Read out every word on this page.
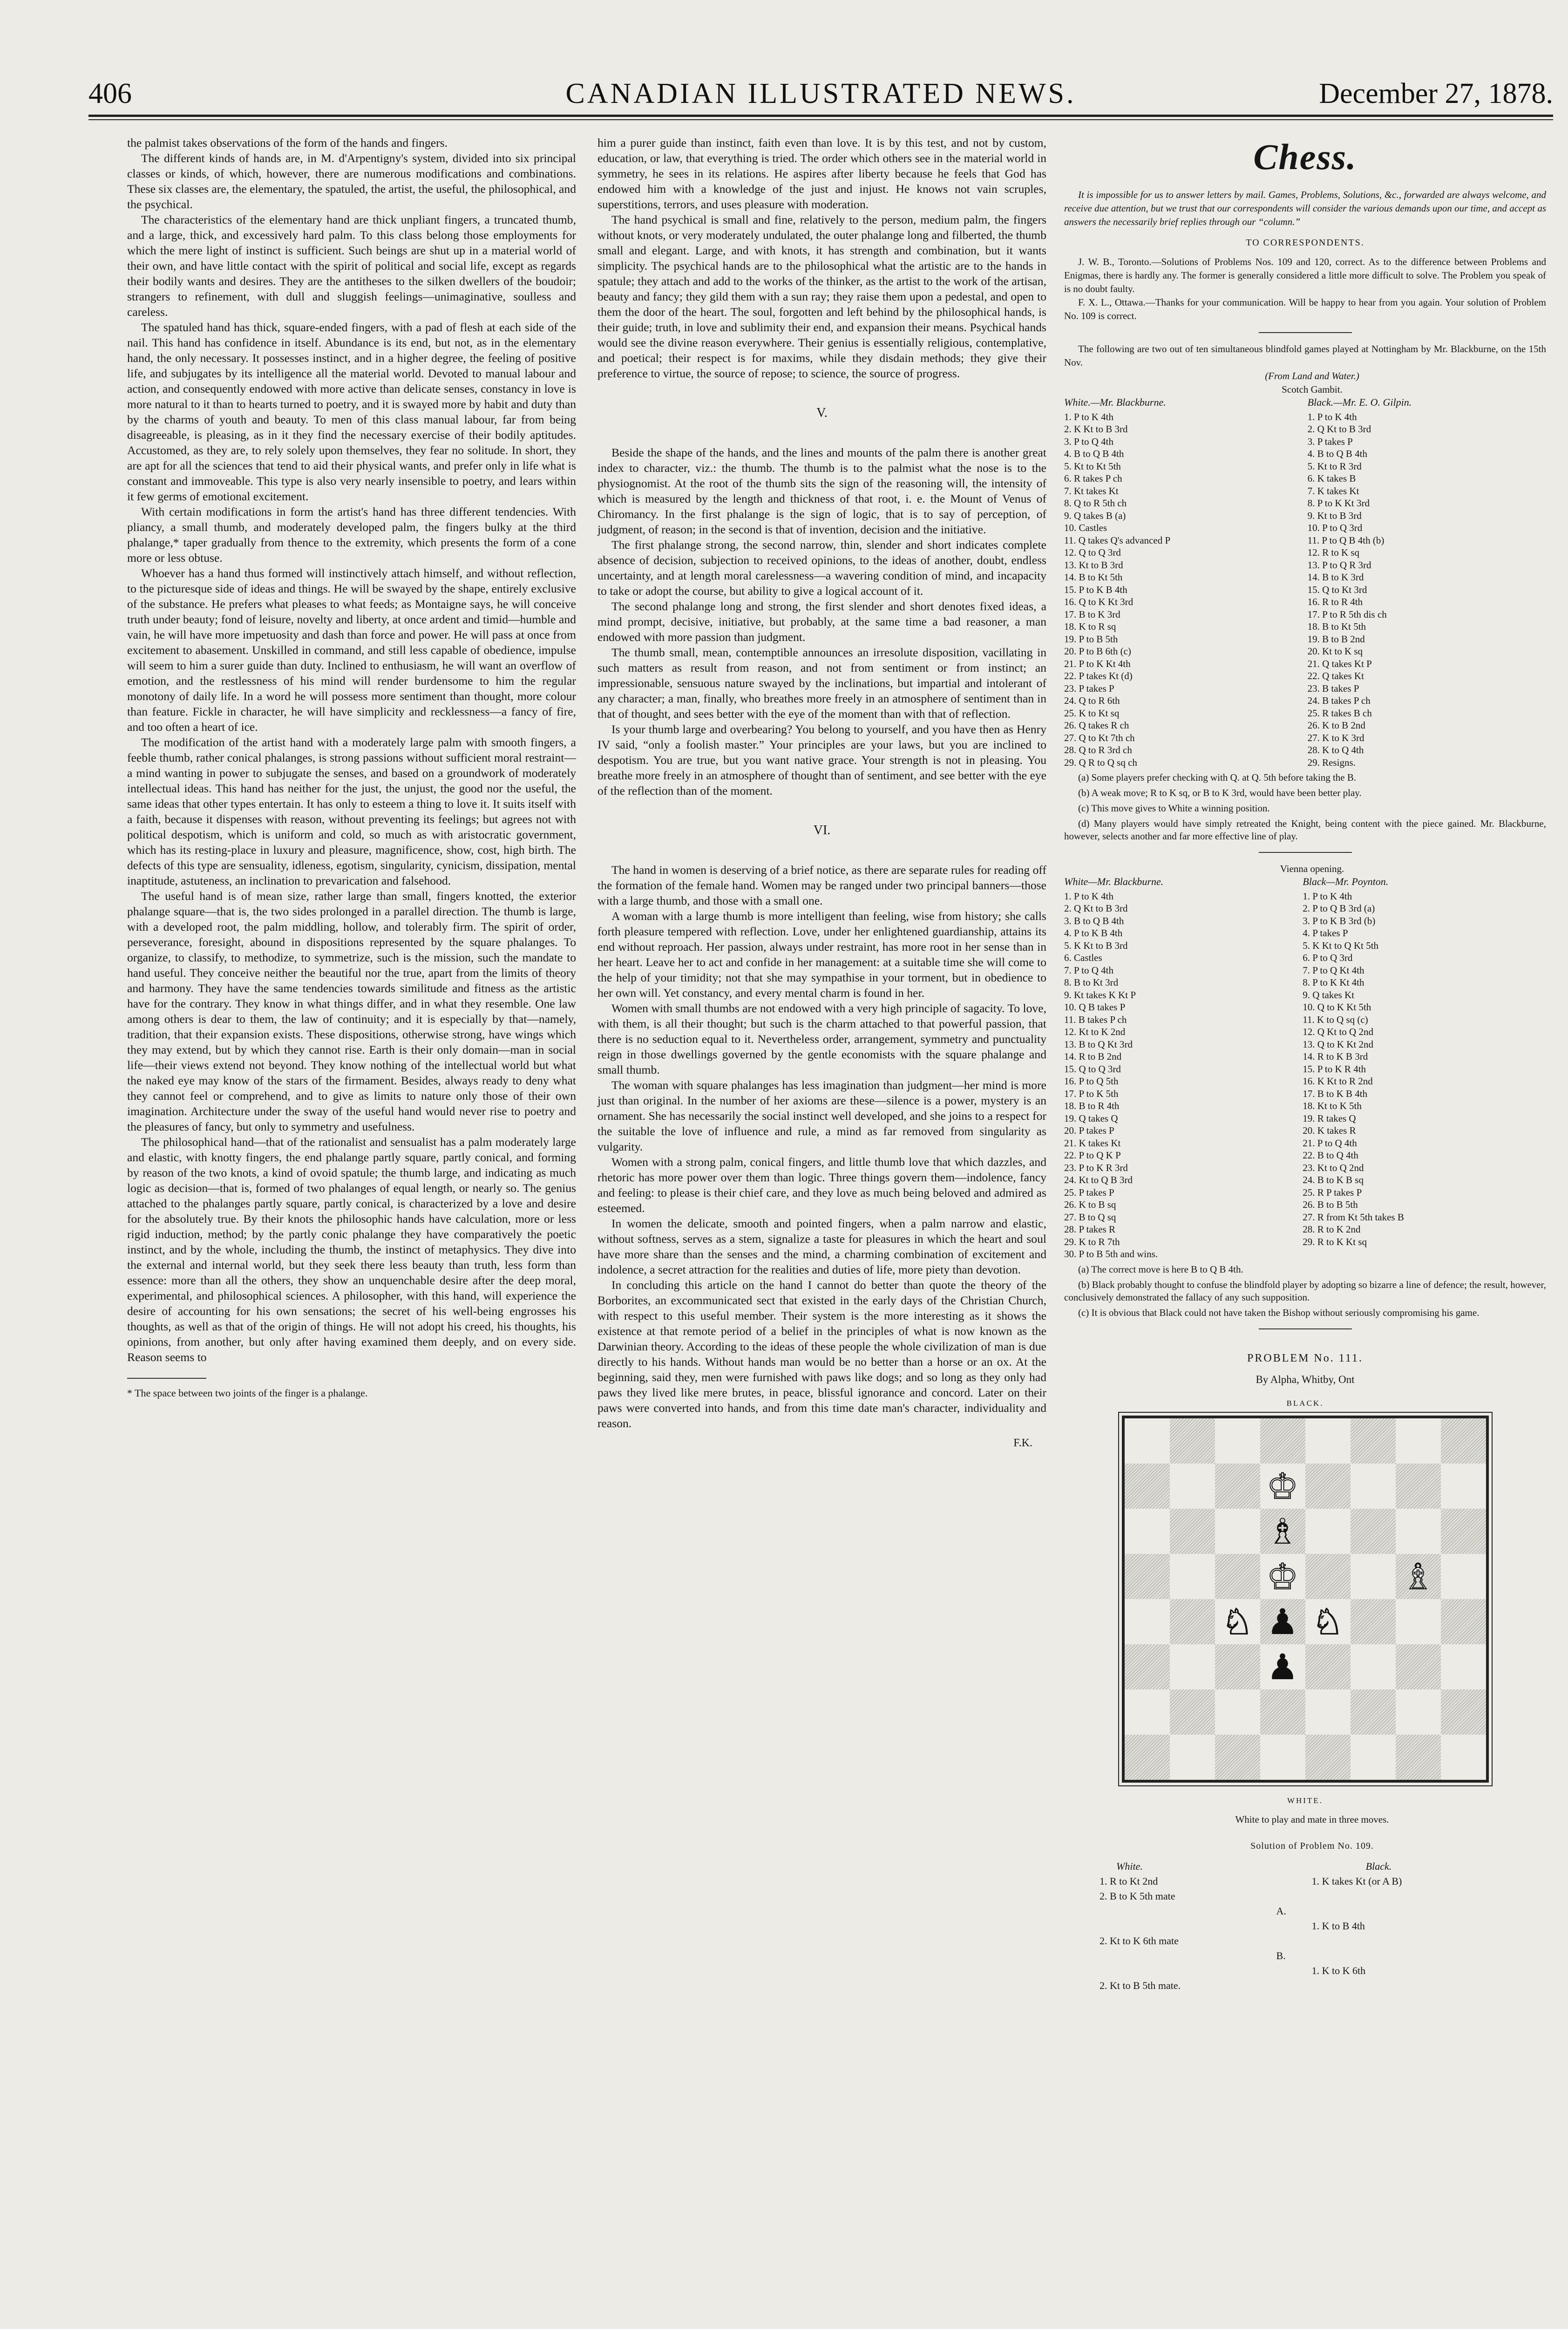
406	CANADIAN ILLUSTRATED NEWS.	December 27, 1878.

the palmist takes observations of the form of the hands and fingers.

The different kinds of hands are, in M. d'Arpentigny's system, divided into six principal classes or kinds, of which, however, there are numerous modifications and combinations. These six classes are, the elementary, the spatuled, the artist, the useful, the philosophical, and the psychical.

The characteristics of the elementary hand are thick unpliant fingers, a truncated thumb, and a large, thick, and excessively hard palm. To this class belong those employments for which the mere light of instinct is sufficient. Such beings are shut up in a material world of their own, and have little contact with the spirit of political and social life, except as regards their bodily wants and desires. They are the antitheses to the silken dwellers of the boudoir; strangers to refinement, with dull and sluggish feelings—unimaginative, soulless and careless.

The spatuled hand has thick, square-ended fingers, with a pad of flesh at each side of the nail. This hand has confidence in itself. Abundance is its end, but not, as in the elementary hand, the only necessary. It possesses instinct, and in a higher degree, the feeling of positive life, and subjugates by its intelligence all the material world. Devoted to manual labour and action, and consequently endowed with more active than delicate senses, constancy in love is more natural to it than to hearts turned to poetry, and it is swayed more by habit and duty than by the charms of youth and beauty. To men of this class manual labour, far from being disagreeable, is pleasing, as in it they find the necessary exercise of their bodily aptitudes. Accustomed, as they are, to rely solely upon themselves, they fear no solitude. In short, they are apt for all the sciences that tend to aid their physical wants, and prefer only in life what is constant and immoveable. This type is also very nearly insensible to poetry, and lears within it few germs of emotional excitement.

With certain modifications in form the artist's hand has three different tendencies. With pliancy, a small thumb, and moderately developed palm, the fingers bulky at the third phalange,* taper gradually from thence to the extremity, which presents the form of a cone more or less obtuse.

Whoever has a hand thus formed will instinctively attach himself, and without reflection, to the picturesque side of ideas and things. He will be swayed by the shape, entirely exclusive of the substance. He prefers what pleases to what feeds; as Montaigne says, he will conceive truth under beauty; fond of leisure, novelty and liberty, at once ardent and timid—humble and vain, he will have more impetuosity and dash than force and power. He will pass at once from excitement to abasement. Unskilled in command, and still less capable of obedience, impulse will seem to him a surer guide than duty. Inclined to enthusiasm, he will want an overflow of emotion, and the restlessness of his mind will render burdensome to him the regular monotony of daily life. In a word he will possess more sentiment than thought, more colour than feature. Fickle in character, he will have simplicity and recklessness—a fancy of fire, and too often a heart of ice.

The modification of the artist hand with a moderately large palm with smooth fingers, a feeble thumb, rather conical phalanges, is strong passions without sufficient moral restraint—a mind wanting in power to subjugate the senses, and based on a groundwork of moderately intellectual ideas. This hand has neither for the just, the unjust, the good nor the useful, the same ideas that other types entertain. It has only to esteem a thing to love it. It suits itself with a faith, because it dispenses with reason, without preventing its feelings; but agrees not with political despotism, which is uniform and cold, so much as with aristocratic government, which has its resting-place in luxury and pleasure, magnificence, show, cost, high birth. The defects of this type are sensuality, idleness, egotism, singularity, cynicism, dissipation, mental inaptitude, astuteness, an inclination to prevarication and falsehood.

The useful hand is of mean size, rather large than small, fingers knotted, the exterior phalange square—that is, the two sides prolonged in a parallel direction. The thumb is large, with a developed root, the palm middling, hollow, and tolerably firm. The spirit of order, perseverance, foresight, abound in dispositions represented by the square phalanges. To organize, to classify, to methodize, to symmetrize, such is the mission, such the mandate to hand useful. They conceive neither the beautiful nor the true, apart from the limits of theory and harmony. They have the same tendencies towards similitude and fitness as the artistic have for the contrary. They know in what things differ, and in what they resemble. One law among others is dear to them, the law of continuity; and it is especially by that—namely, tradition, that their expansion exists. These dispositions, otherwise strong, have wings which they may extend, but by which they cannot rise. Earth is their only domain—man in social life—their views extend not beyond. They know nothing of the intellectual world but what the naked eye may know of the stars of the firmament. Besides, always ready to deny what they cannot feel or comprehend, and to give as limits to nature only those of their own imagination. Architecture under the sway of the useful hand would never rise to poetry and the pleasures of fancy, but only to symmetry and usefulness.

The philosophical hand—that of the rationalist and sensualist has a palm moderately large and elastic, with knotty fingers, the end phalange partly square, partly conical, and forming by reason of the two knots, a kind of ovoid spatule; the thumb large, and indicating as much logic as decision—that is, formed of two phalanges of equal length, or nearly so. The genius attached to the phalanges partly square, partly conical, is characterized by a love and desire for the absolutely true. By their knots the philosophic hands have calculation, more or less rigid induction, method; by the partly conic phalange they have comparatively the poetic instinct, and by the whole, including the thumb, the instinct of metaphysics. They dive into the external and internal world, but they seek there less beauty than truth, less form than essence: more than all the others, they show an unquenchable desire after the deep moral, experimental, and philosophical sciences. A philosopher, with this hand, will experience the desire of accounting for his own sensations; the secret of his well-being engrosses his thoughts, as well as that of the origin of things. He will not adopt his creed, his thoughts, his opinions, from another, but only after having examined them deeply, and on every side. Reason seems to

* The space between two joints of the finger is a phalange.

him a purer guide than instinct, faith even than love. It is by this test, and not by custom, education, or law, that everything is tried. The order which others see in the material world in symmetry, he sees in its relations. He aspires after liberty because he feels that God has endowed him with a knowledge of the just and injust. He knows not vain scruples, superstitions, terrors, and uses pleasure with moderation.

The hand psychical is small and fine, relatively to the person, medium palm, the fingers without knots, or very moderately undulated, the outer phalange long and filberted, the thumb small and elegant. Large, and with knots, it has strength and combination, but it wants simplicity. The psychical hands are to the philosophical what the artistic are to the hands in spatule; they attach and add to the works of the thinker, as the artist to the work of the artisan, beauty and fancy; they gild them with a sun ray; they raise them upon a pedestal, and open to them the door of the heart. The soul, forgotten and left behind by the philosophical hands, is their guide; truth, in love and sublimity their end, and expansion their means. Psychical hands would see the divine reason everywhere. Their genius is essentially religious, contemplative, and poetical; their respect is for maxims, while they disdain methods; they give their preference to virtue, the source of repose; to science, the source of progress.

V.

Beside the shape of the hands, and the lines and mounts of the palm there is another great index to character, viz.: the thumb. The thumb is to the palmist what the nose is to the physiognomist. At the root of the thumb sits the sign of the reasoning will, the intensity of which is measured by the length and thickness of that root, i. e. the Mount of Venus of Chiromancy. In the first phalange is the sign of logic, that is to say of perception, of judgment, of reason; in the second is that of invention, decision and the initiative.

The first phalange strong, the second narrow, thin, slender and short indicates complete absence of decision, subjection to received opinions, to the ideas of another, doubt, endless uncertainty, and at length moral carelessness—a wavering condition of mind, and incapacity to take or adopt the course, but ability to give a logical account of it.

The second phalange long and strong, the first slender and short denotes fixed ideas, a mind prompt, decisive, initiative, but probably, at the same time a bad reasoner, a man endowed with more passion than judgment.

The thumb small, mean, contemptible announces an irresolute disposition, vacillating in such matters as result from reason, and not from sentiment or from instinct; an impressionable, sensuous nature swayed by the inclinations, but impartial and intolerant of any character; a man, finally, who breathes more freely in an atmosphere of sentiment than in that of thought, and sees better with the eye of the moment than with that of reflection.

Is your thumb large and overbearing? You belong to yourself, and you have then as Henry IV said, “only a foolish master.” Your principles are your laws, but you are inclined to despotism. You are true, but you want native grace. Your strength is not in pleasing. You breathe more freely in an atmosphere of thought than of sentiment, and see better with the eye of the reflection than of the moment.

VI.

The hand in women is deserving of a brief notice, as there are separate rules for reading off the formation of the female hand. Women may be ranged under two principal banners—those with a large thumb, and those with a small one.

A woman with a large thumb is more intelligent than feeling, wise from history; she calls forth pleasure tempered with reflection. Love, under her enlightened guardianship, attains its end without reproach. Her passion, always under restraint, has more root in her sense than in her heart. Leave her to act and confide in her management: at a suitable time she will come to the help of your timidity; not that she may sympathise in your torment, but in obedience to her own will. Yet constancy, and every mental charm is found in her.

Women with small thumbs are not endowed with a very high principle of sagacity. To love, with them, is all their thought; but such is the charm attached to that powerful passion, that there is no seduction equal to it. Nevertheless order, arrangement, symmetry and punctuality reign in those dwellings governed by the gentle economists with the square phalange and small thumb.

The woman with square phalanges has less imagination than judgment—her mind is more just than original. In the number of her axioms are these—silence is a power, mystery is an ornament. She has necessarily the social instinct well developed, and she joins to a respect for the suitable the love of influence and rule, a mind as far removed from singularity as vulgarity.

Women with a strong palm, conical fingers, and little thumb love that which dazzles, and rhetoric has more power over them than logic. Three things govern them—indolence, fancy and feeling: to please is their chief care, and they love as much being beloved and admired as esteemed.

In women the delicate, smooth and pointed fingers, when a palm narrow and elastic, without softness, serves as a stem, signalize a taste for pleasures in which the heart and soul have more share than the senses and the mind, a charming combination of excitement and indolence, a secret attraction for the realities and duties of life, more piety than devotion.

In concluding this article on the hand I cannot do better than quote the theory of the Borborites, an excommunicated sect that existed in the early days of the Christian Church, with respect to this useful member. Their system is the more interesting as it shows the existence at that remote period of a belief in the principles of what is now known as the Darwinian theory. According to the ideas of these people the whole civilization of man is due directly to his hands. Without hands man would be no better than a horse or an ox. At the beginning, said they, men were furnished with paws like dogs; and so long as they only had paws they lived like mere brutes, in peace, blissful ignorance and concord. Later on their paws were converted into hands, and from this time date man's character, individuality and reason.

F.K.

Chess.

It is impossible for us to answer letters by mail. Games, Problems, Solutions, &c., forwarded are always welcome, and receive due attention, but we trust that our correspondents will consider the various demands upon our time, and accept as answers the necessarily brief replies through our “column.”

TO CORRESPONDENTS.

J. W. B., Toronto.—Solutions of Problems Nos. 109 and 120, correct. As to the difference between Problems and Enigmas, there is hardly any. The former is generally considered a little more difficult to solve. The Problem you speak of is no doubt faulty.

F. X. L., Ottawa.—Thanks for your communication. Will be happy to hear from you again. Your solution of Problem No. 109 is correct.

The following are two out of ten simultaneous blindfold games played at Nottingham by Mr. Blackburne, on the 15th Nov.

(From Land and Water.)

Scotch Gambit.

White.—Mr. Blackburne.	Black.—Mr. E. O. Gilpin.
1. P to K 4th	1. P to K 4th
2. K Kt to B 3rd	2. Q Kt to B 3rd
3. P to Q 4th	3. P takes P
4. B to Q B 4th	4. B to Q B 4th
5. Kt to Kt 5th	5. Kt to R 3rd
6. R takes P ch	6. K takes B
7. Kt takes Kt	7. K takes Kt
8. Q to R 5th ch	8. P to K Kt 3rd
9. Q takes B (a)	9. Kt to B 3rd
10. Castles	10. P to Q 3rd
11. Q takes Q's advanced P	11. P to Q B 4th (b)
12. Q to Q 3rd	12. R to K sq
13. Kt to B 3rd	13. P to Q R 3rd
14. B to Kt 5th	14. B to K 3rd
15. P to K B 4th	15. Q to Kt 3rd
16. Q to K Kt 3rd	16. R to R 4th
17. B to K 3rd	17. P to R 5th dis ch
18. K to R sq	18. B to Kt 5th
19. P to B 5th	19. B to B 2nd
20. P to B 6th (c)	20. Kt to K sq
21. P to K Kt 4th	21. Q takes Kt P
22. P takes Kt (d)	22. Q takes Kt
23. P takes P	23. B takes P
24. Q to R 6th	24. B takes P ch
25. K to Kt sq	25. R takes B ch
26. Q takes R ch	26. K to B 2nd
27. Q to Kt 7th ch	27. K to K 3rd
28. Q to R 3rd ch	28. K to Q 4th
29. Q R to Q sq ch	29. Resigns.

(a) Some players prefer checking with Q. at Q. 5th before taking the B.

(b) A weak move; R to K sq, or B to K 3rd, would have been better play.

(c) This move gives to White a winning position.

(d) Many players would have simply retreated the Knight, being content with the piece gained. Mr. Blackburne, however, selects another and far more effective line of play.

Vienna opening.

White—Mr. Blackburne.	Black—Mr. Poynton.
1. P to K 4th	1. P to K 4th
2. Q Kt to B 3rd	2. P to Q B 3rd (a)
3. B to Q B 4th	3. P to K B 3rd (b)
4. P to K B 4th	4. P takes P
5. K Kt to B 3rd	5. K Kt to Q Kt 5th
6. Castles	6. P to Q 3rd
7. P to Q 4th	7. P to Q Kt 4th
8. B to Kt 3rd	8. P to K Kt 4th
9. Kt takes K Kt P	9. Q takes Kt
10. Q B takes P	10. Q to K Kt 5th
11. B takes P ch	11. K to Q sq (c)
12. Kt to K 2nd	12. Q Kt to Q 2nd
13. B to Q Kt 3rd	13. Q to K Kt 2nd
14. R to B 2nd	14. R to K B 3rd
15. Q to Q 3rd	15. P to K R 4th
16. P to Q 5th	16. K Kt to R 2nd
17. P to K 5th	17. B to K B 4th
18. B to R 4th	18. Kt to K 5th
19. Q takes Q	19. R takes Q
20. P takes P	20. K takes R
21. K takes Kt	21. P to Q 4th
22. P to Q K P	22. B to Q 4th
23. P to K R 3rd	23. Kt to Q 2nd
24. Kt to Q B 3rd	24. B to K B sq
25. P takes P	25. R P takes P
26. K to B sq	26. B to B 5th
27. B to Q sq	27. R from Kt 5th takes B
28. P takes R	28. R to K 2nd
29. K to R 7th	29. R to K Kt sq
30. P to B 5th and wins.	

(a) The correct move is here B to Q B 4th.

(b) Black probably thought to confuse the blindfold player by adopting so bizarre a line of defence; the result, however, conclusively demonstrated the fallacy of any such supposition.

(c) It is obvious that Black could not have taken the Bishop without seriously compromising his game.

PROBLEM No. 111.
By Alpha, Whitby, Ont
BLACK.
♔
♗
♔	♗
♘ ♟ ♘
♟
WHITE.

White to play and mate in three moves.

Solution of Problem No. 109.

White.		Black.
1. R to Kt 2nd		1. K takes Kt (or A B)
2. B to K 5th mate		
	A.	
		1. K to B 4th
2. Kt to K 6th mate		
	B.	
		1. K to K 6th
2. Kt to B 5th mate.		
